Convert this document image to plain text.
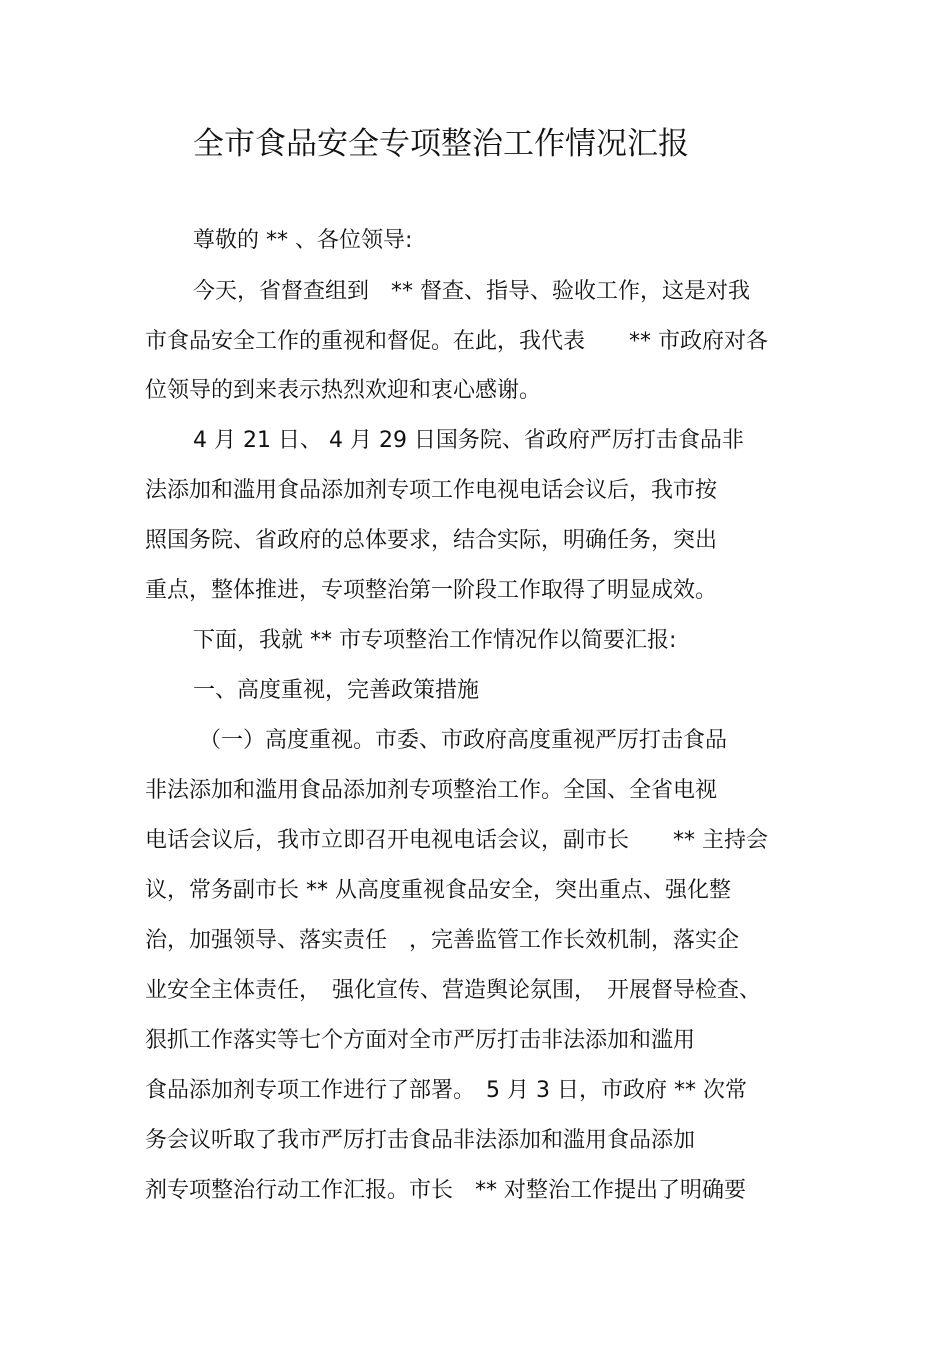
全市食品安全专项整治工作情况汇报
尊敬的 ** 、各位领导:
今天，省督查组到　** 督查、指导、验收工作，这是对我
市食品安全工作的重视和督促。在此，我代表　　** 市政府对各
位领导的到来表示热烈欢迎和衷心感谢。
4 月 21 日、 4 月 29 日国务院、省政府严厉打击食品非
法添加和滥用食品添加剂专项工作电视电话会议后，我市按
照国务院、省政府的总体要求，结合实际，明确任务，突出
重点，整体推进，专项整治第一阶段工作取得了明显成效。
下面，我就 ** 市专项整治工作情况作以简要汇报:
一、高度重视，完善政策措施
（一）高度重视。市委、市政府高度重视严厉打击食品
非法添加和滥用食品添加剂专项整治工作。全国、全省电视
电话会议后，我市立即召开电视电话会议，副市长　　** 主持会
议，常务副市长 ** 从高度重视食品安全，突出重点、强化整
治，加强领导、落实责任　，完善监管工作长效机制，落实企
业安全主体责任，　强化宣传、营造舆论氛围，　开展督导检查、
狠抓工作落实等七个方面对全市严厉打击非法添加和滥用
食品添加剂专项工作进行了部署。　5 月 3 日，市政府 ** 次常
务会议听取了我市严厉打击食品非法添加和滥用食品添加
剂专项整治行动工作汇报。市长　** 对整治工作提出了明确要
